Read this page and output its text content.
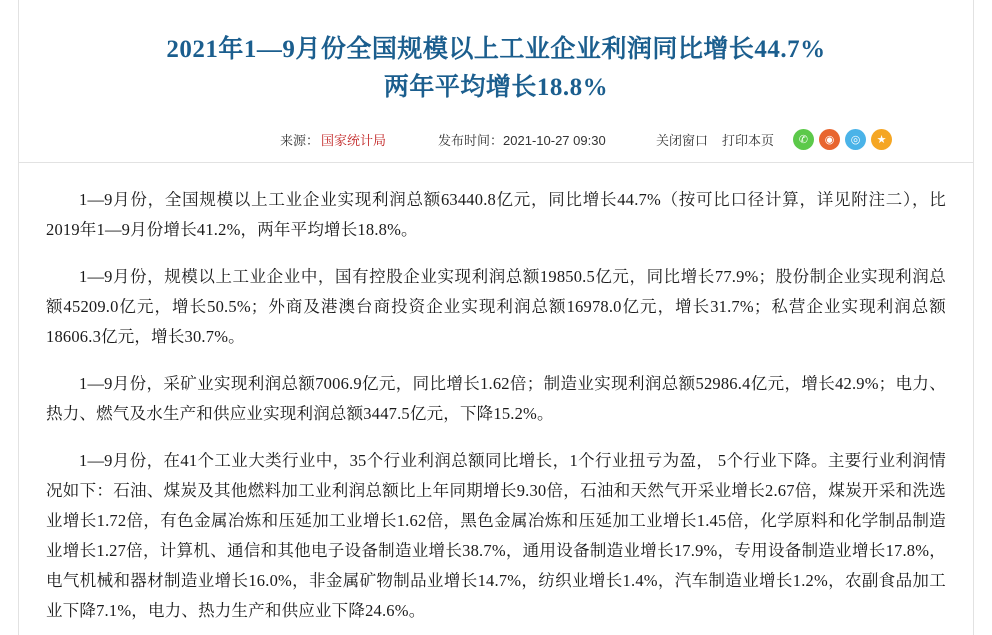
2021年1—9月份全国规模以上工业企业利润同比增长44.7%
两年平均增长18.8%
来源： 国家统计局	发布时间：2021-10-27 09:30	关闭窗口 打印本页	✆	◉	◎	★

1—9月份，全国规模以上工业企业实现利润总额63440.8亿元，同比增长44.7%（按可比口径计算，详见附注二），比2019年1—9月份增长41.2%，两年平均增长18.8%。

1—9月份，规模以上工业企业中，国有控股企业实现利润总额19850.5亿元，同比增长77.9%；股份制企业实现利润总额45209.0亿元，增长50.5%；外商及港澳台商投资企业实现利润总额16978.0亿元，增长31.7%；私营企业实现利润总额18606.3亿元，增长30.7%。

1—9月份，采矿业实现利润总额7006.9亿元，同比增长1.62倍；制造业实现利润总额52986.4亿元，增长42.9%；电力、热力、燃气及水生产和供应业实现利润总额3447.5亿元，下降15.2%。

1—9月份，在41个工业大类行业中，35个行业利润总额同比增长，1个行业扭亏为盈， 5个行业下降。主要行业利润情况如下：石油、煤炭及其他燃料加工业利润总额比上年同期增长9.30倍，石油和天然气开采业增长2.67倍，煤炭开采和洗选业增长1.72倍，有色金属冶炼和压延加工业增长1.62倍，黑色金属冶炼和压延加工业增长1.45倍，化学原料和化学制品制造业增长1.27倍，计算机、通信和其他电子设备制造业增长38.7%，通用设备制造业增长17.9%，专用设备制造业增长17.8%，电气机械和器材制造业增长16.0%，非金属矿物制品业增长14.7%，纺织业增长1.4%，汽车制造业增长1.2%，农副食品加工业下降7.1%，电力、热力生产和供应业下降24.6%。
